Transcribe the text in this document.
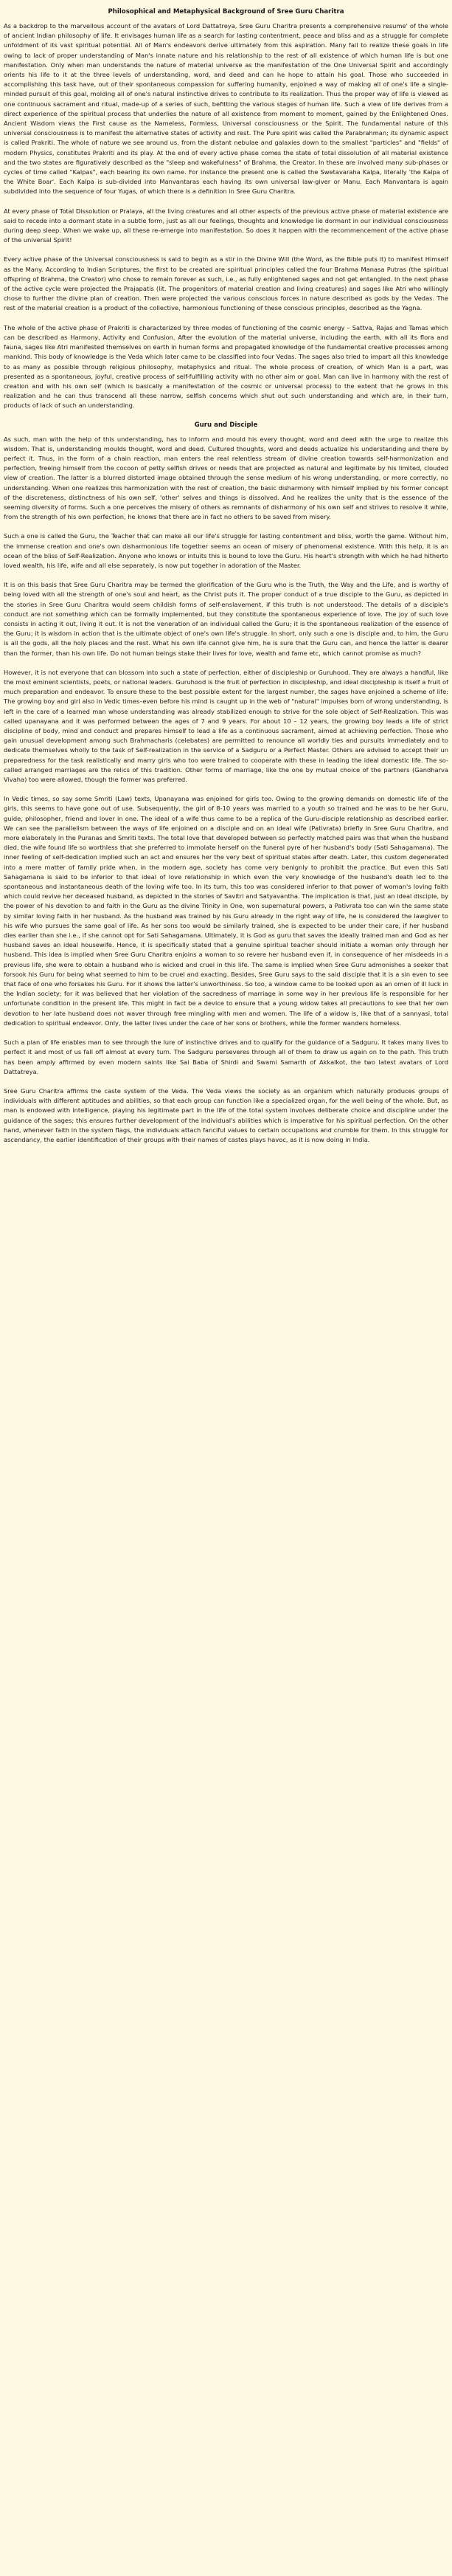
Philosophical and Metaphysical Background of Sree Guru Charitra

As a backdrop to the marvellous account of the avatars of Lord Dattatreya, Sree Guru Charitra presents a comprehensive resume' of the whole of ancient Indian philosophy of life. It envisages human life as a search for lasting contentment, peace and bliss and as a struggle for complete unfoldment of its vast spiritual potential. All of Man's endeavors derive ultimately from this aspiration. Many fail to realize these goals in life owing to lack of proper understanding of Man's innate nature and his relationship to the rest of all existence of which human life is but one manifestation. Only when man understands the nature of material universe as the manifestation of the One Universal Spirit and accordingly orients his life to it at the three levels of understanding, word, and deed and can he hope to attain his goal. Those who succeeded in accomplishing this task have, out of their spontaneous compassion for suffering humanity, enjoined a way of making all of one's life a single-minded pursuit of this goal, molding all of one's natural instinctive drives to contribute to its realization. Thus the proper way of life is viewed as one continuous sacrament and ritual, made-up of a series of such, befitting the various stages of human life. Such a view of life derives from a direct experience of the spiritual process that underlies the nature of all existence from moment to moment, gained by the Enlightened Ones. Ancient Wisdom views the First cause as the Nameless, Formless, Universal consciousness or the Spirit. The fundamental nature of this universal consciousness is to manifest the alternative states of activity and rest. The Pure spirit was called the Parabrahman; its dynamic aspect is called Prakriti. The whole of nature we see around us, from the distant nebulae and galaxies down to the smallest "particles" and "fields" of modern Physics, constitutes Prakriti and its play. At the end of every active phase comes the state of total dissolution of all material existence and the two states are figuratively described as the "sleep and wakefulness" of Brahma, the Creator. In these are involved many sub-phases or cycles of time called "Kalpas", each bearing its own name. For instance the present one is called the Swetavaraha Kalpa, literally 'the Kalpa of the White Boar'. Each Kalpa is sub-divided into Manvantaras each having its own universal law-giver or Manu. Each Manvantara is again subdivided into the sequence of four Yugas, of which there is a definition in Sree Guru Charitra.

At every phase of Total Dissolution or Pralaya, all the living creatures and all other aspects of the previous active phase of material existence are said to recede into a dormant state in a subtle form, just as all our feelings, thoughts and knowledge lie dormant in our individual consciousness during deep sleep. When we wake up, all these re-emerge into manifestation. So does it happen with the recommencement of the active phase of the universal Spirit!

Every active phase of the Universal consciousness is said to begin as a stir in the Divine Will (the Word, as the Bible puts it) to manifest Himself as the Many. According to Indian Scriptures, the first to be created are spiritual principles called the four Brahma Manasa Putras (the spiritual offspring of Brahma, the Creator) who chose to remain forever as such, i.e., as fully enlightened sages and not get entangled. In the next phase of the active cycle were projected the Prajapatis (lit. The progenitors of material creation and living creatures) and sages like Atri who willingly chose to further the divine plan of creation. Then were projected the various conscious forces in nature described as gods by the Vedas. The rest of the material creation is a product of the collective, harmonious functioning of these conscious principles, described as the Yagna.

The whole of the active phase of Prakriti is characterized by three modes of functioning of the cosmic energy – Sattva, Rajas and Tamas which can be described as Harmony, Activity and Confusion. After the evolution of the material universe, including the earth, with all its flora and fauna, sages like Atri manifested themselves on earth in human forms and propagated knowledge of the fundamental creative processes among mankind. This body of knowledge is the Veda which later came to be classified into four Vedas. The sages also tried to impart all this knowledge to as many as possible through religious philosophy, metaphysics and ritual. The whole process of creation, of which Man is a part, was presented as a spontaneous, joyful, creative process of self-fulfilling activity with no other aim or goal. Man can live in harmony with the rest of creation and with his own self (which is basically a manifestation of the cosmic or universal process) to the extent that he grows in this realization and he can thus transcend all these narrow, selfish concerns which shut out such understanding and which are, in their turn, products of lack of such an understanding.

Guru and Disciple

As such, man with the help of this understanding, has to inform and mould his every thought, word and deed with the urge to realize this wisdom. That is, understanding moulds thought, word and deed. Cultured thoughts, word and deeds actualize his understanding and there by perfect it. Thus, in the form of a chain reaction, man enters the real relentless stream of divine creation towards self-harmonization and perfection, freeing himself from the cocoon of petty selfish drives or needs that are projected as natural and legitimate by his limited, clouded view of creation. The latter is a blurred distorted image obtained through the sense medium of his wrong understanding, or more correctly, no understanding. When one realizes this harmonization with the rest of creation, the basic disharmony with himself implied by his former concept of the discreteness, distinctness of his own self, 'other' selves and things is dissolved. And he realizes the unity that is the essence of the seeming diversity of forms. Such a one perceives the misery of others as remnants of disharmony of his own self and strives to resolve it while, from the strength of his own perfection, he knows that there are in fact no others to be saved from misery.

Such a one is called the Guru, the Teacher that can make all our life's struggle for lasting contentment and bliss, worth the game. Without him, the immense creation and one's own disharmonious life together seems an ocean of misery of phenomenal existence. With this help, it is an ocean of the bliss of Self-Realization. Anyone who knows or intuits this is bound to love the Guru. His heart's strength with which he had hitherto loved wealth, his life, wife and all else separately, is now put together in adoration of the Master.

It is on this basis that Sree Guru Charitra may be termed the glorification of the Guru who is the Truth, the Way and the Life, and is worthy of being loved with all the strength of one's soul and heart, as the Christ puts it. The proper conduct of a true disciple to the Guru, as depicted in the stories in Sree Guru Charitra would seem childish forms of self-enslavement, if this truth is not understood. The details of a disciple's conduct are not something which can be formally implemented, but they constitute the spontaneous experience of love. The joy of such love consists in acting it out, living it out. It is not the veneration of an individual called the Guru; it is the spontaneous realization of the essence of the Guru; it is wisdom in action that is the ultimate object of one's own life's struggle. In short, only such a one is disciple and, to him, the Guru is all the gods, all the holy places and the rest. What his own life cannot give him, he is sure that the Guru can, and hence the latter is dearer than the former, than his own life. Do not human beings stake their lives for love, wealth and fame etc, which cannot promise as much?

However, it is not everyone that can blossom into such a state of perfection, either of discipleship or Guruhood. They are always a handful, like the most eminent scientists, poets, or national leaders. Guruhood is the fruit of perfection in discipleship, and ideal discipleship is itself a fruit of much preparation and endeavor. To ensure these to the best possible extent for the largest number, the sages have enjoined a scheme of life: The growing boy and girl also in Vedic times–even before his mind is caught up in the web of "natural" impulses born of wrong understanding, is left in the care of a learned man whose understanding was already stabilized enough to strive for the sole object of Self-Realization. This was called upanayana and it was performed between the ages of 7 and 9 years. For about 10 – 12 years, the growing boy leads a life of strict discipline of body, mind and conduct and prepares himself to lead a life as a continuous sacrament, aimed at achieving perfection. Those who gain unusual development among such Brahmacharis (celebates) are permitted to renounce all worldly ties and pursuits immediately and to dedicate themselves wholly to the task of Self-realization in the service of a Sadguru or a Perfect Master. Others are advised to accept their un preparedness for the task realistically and marry girls who too were trained to cooperate with these in leading the ideal domestic life. The so-called arranged marriages are the relics of this tradition. Other forms of marriage, like the one by mutual choice of the partners (Gandharva Vivaha) too were allowed, though the former was preferred.

In Vedic times, so say some Smriti (Law) texts, Upanayana was enjoined for girls too. Owing to the growing demands on domestic life of the girls, this seems to have gone out of use. Subsequently, the girl of 8-10 years was married to a youth so trained and he was to be her Guru, guide, philosopher, friend and lover in one. The ideal of a wife thus came to be a replica of the Guru-disciple relationship as described earlier. We can see the parallelism between the ways of life enjoined on a disciple and on an ideal wife (Pativrata) briefly in Sree Guru Charitra, and more elaborately in the Puranas and Smriti texts. The total love that developed between so perfectly matched pairs was that when the husband died, the wife found life so worthless that she preferred to immolate herself on the funeral pyre of her husband's body (Sati Sahagamana). The inner feeling of self-dedication implied such an act and ensures her the very best of spiritual states after death. Later, this custom degenerated into a mere matter of family pride when, in the modern age, society has come very benignly to prohibit the practice. But even this Sati Sahagamana is said to be inferior to that ideal of love relationship in which even the very knowledge of the husband's death led to the spontaneous and instantaneous death of the loving wife too. In its turn, this too was considered inferior to that power of woman's loving faith which could revive her deceased husband, as depicted in the stories of Savitri and Satyavantha. The implication is that, just an ideal disciple, by the power of his devotion to and faith in the Guru as the divine Trinity in One, won supernatural powers, a Pativrata too can win the same state by similar loving faith in her husband. As the husband was trained by his Guru already in the right way of life, he is considered the lawgiver to his wife who pursues the same goal of life. As her sons too would be similarly trained, she is expected to be under their care, if her husband dies earlier than she i.e., if she cannot opt for Sati Sahagamana. Ultimately, it is God as guru that saves the ideally trained man and God as her husband saves an ideal housewife. Hence, it is specifically stated that a genuine spiritual teacher should initiate a woman only through her husband. This idea is implied when Sree Guru Charitra enjoins a woman to so revere her husband even if, in consequence of her misdeeds in a previous life, she were to obtain a husband who is wicked and cruel in this life. The same is implied when Sree Guru admonishes a seeker that forsook his Guru for being what seemed to him to be cruel and exacting. Besides, Sree Guru says to the said disciple that it is a sin even to see that face of one who forsakes his Guru. For it shows the latter's unworthiness. So too, a window came to be looked upon as an omen of ill luck in the Indian society; for it was believed that her violation of the sacredness of marriage in some way in her previous life is responsible for her unfortunate condition in the present life. This might in fact be a device to ensure that a young widow takes all precautions to see that her own devotion to her late husband does not waver through free mingling with men and women. The life of a widow is, like that of a sannyasi, total dedication to spiritual endeavor. Only, the latter lives under the care of her sons or brothers, while the former wanders homeless.

Such a plan of life enables man to see through the lure of instinctive drives and to qualify for the guidance of a Sadguru. It takes many lives to perfect it and most of us fall off almost at every turn. The Sadguru perseveres through all of them to draw us again on to the path. This truth has been amply affirmed by even modern saints like Sai Baba of Shirdi and Swami Samarth of Akkalkot, the two latest avatars of Lord Dattatreya.

Sree Guru Charitra affirms the caste system of the Veda. The Veda views the society as an organism which naturally produces groups of individuals with different aptitudes and abilities, so that each group can function like a specialized organ, for the well being of the whole. But, as man is endowed with intelligence, playing his legitimate part in the life of the total system involves deliberate choice and discipline under the guidance of the sages; this ensures further development of the individual's abilities which is imperative for his spiritual perfection. On the other hand, whenever faith in the system flags, the individuals attach fanciful values to certain occupations and crumble for them. In this struggle for ascendancy, the earlier identification of their groups with their names of castes plays havoc, as it is now doing in India.
